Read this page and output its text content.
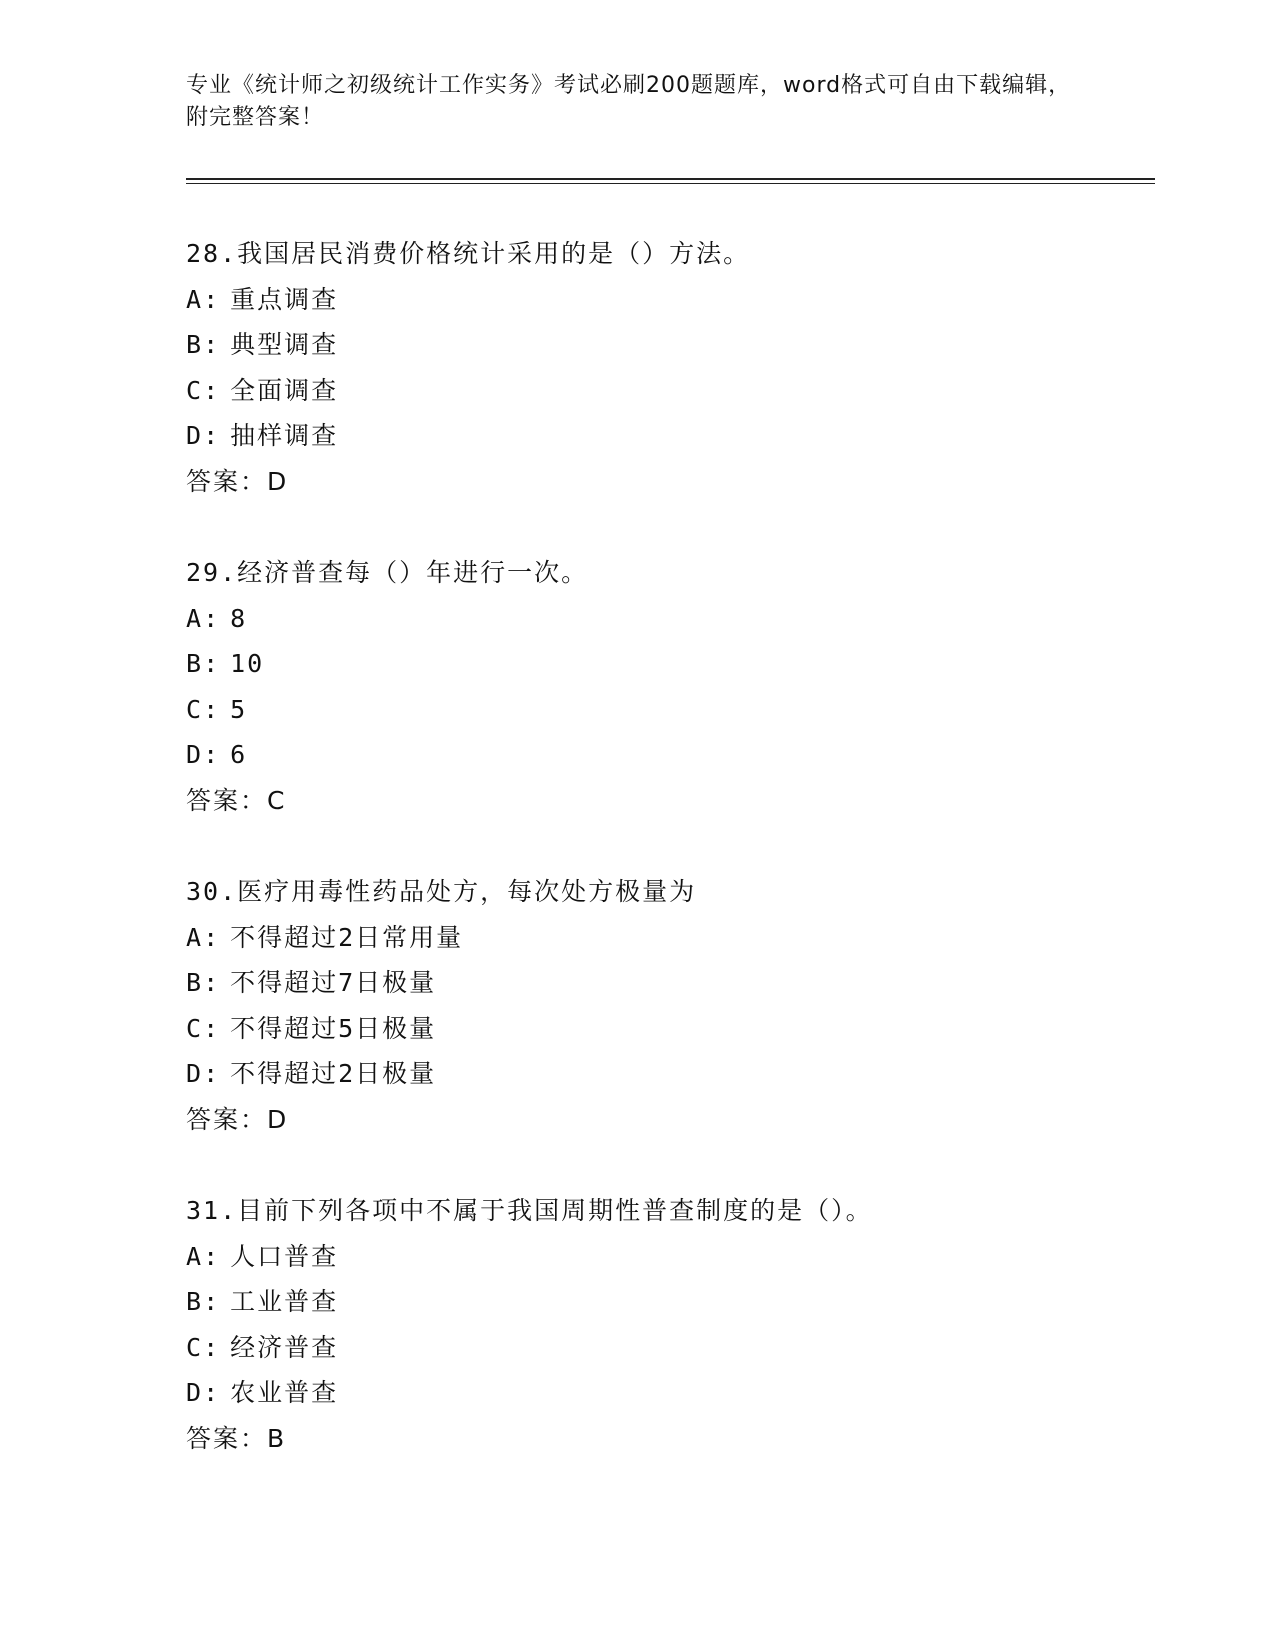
专业《统计师之初级统计工作实务》考试必刷200题题库，word格式可自由下载编辑，附完整答案！
28.我国居民消费价格统计采用的是（）方法。
A: 重点调查
B: 典型调查
C: 全面调查
D: 抽样调查
答案：D
29.经济普查每（）年进行一次。
A: 8
B: 10
C: 5
D: 6
答案：C
30.医疗用毒性药品处方，每次处方极量为
A: 不得超过2日常用量
B: 不得超过7日极量
C: 不得超过5日极量
D: 不得超过2日极量
答案：D
31.目前下列各项中不属于我国周期性普查制度的是（）。
A: 人口普查
B: 工业普查
C: 经济普查
D: 农业普查
答案：B
